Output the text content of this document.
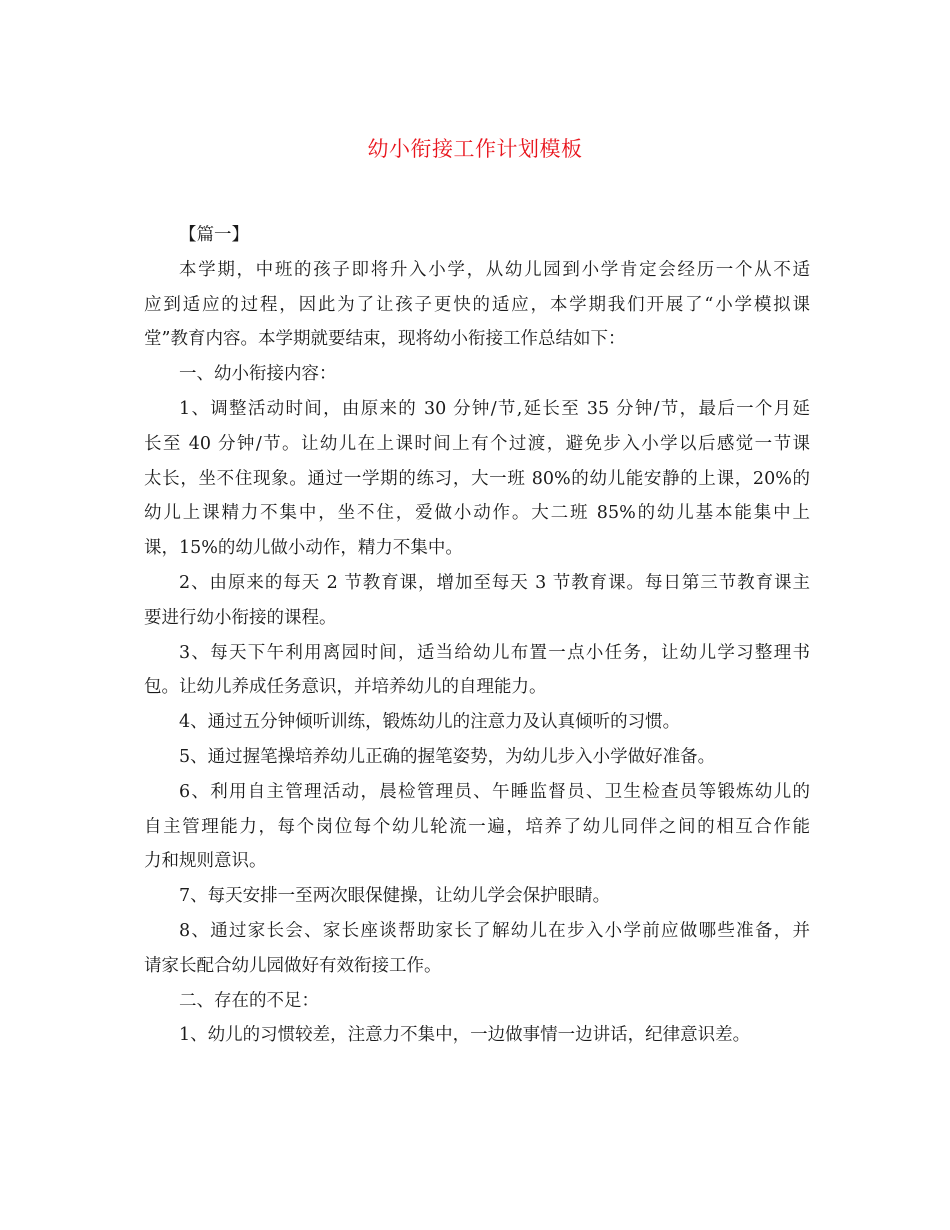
幼小衔接工作计划模板

【篇一】

本学期，中班的孩子即将升入小学，从幼儿园到小学肯定会经历一个从不适

应到适应的过程，因此为了让孩子更快的适应，本学期我们开展了“小学模拟课

堂”教育内容。本学期就要结束，现将幼小衔接工作总结如下：

一、幼小衔接内容：

1、调整活动时间，由原来的 30 分钟/节,延长至 35 分钟/节，最后一个月延

长至 40 分钟/节。让幼儿在上课时间上有个过渡，避免步入小学以后感觉一节课

太长，坐不住现象。通过一学期的练习，大一班 80%的幼儿能安静的上课，20%的

幼儿上课精力不集中，坐不住，爱做小动作。大二班 85%的幼儿基本能集中上

课，15%的幼儿做小动作，精力不集中。

2、由原来的每天 2 节教育课，增加至每天 3 节教育课。每日第三节教育课主

要进行幼小衔接的课程。

3、每天下午利用离园时间，适当给幼儿布置一点小任务，让幼儿学习整理书

包。让幼儿养成任务意识，并培养幼儿的自理能力。

4、通过五分钟倾听训练，锻炼幼儿的注意力及认真倾听的习惯。

5、通过握笔操培养幼儿正确的握笔姿势，为幼儿步入小学做好准备。

6、利用自主管理活动，晨检管理员、午睡监督员、卫生检查员等锻炼幼儿的

自主管理能力，每个岗位每个幼儿轮流一遍，培养了幼儿同伴之间的相互合作能

力和规则意识。

7、每天安排一至两次眼保健操，让幼儿学会保护眼睛。

8、通过家长会、家长座谈帮助家长了解幼儿在步入小学前应做哪些准备，并

请家长配合幼儿园做好有效衔接工作。

二、存在的不足：

1、幼儿的习惯较差，注意力不集中，一边做事情一边讲话，纪律意识差。
